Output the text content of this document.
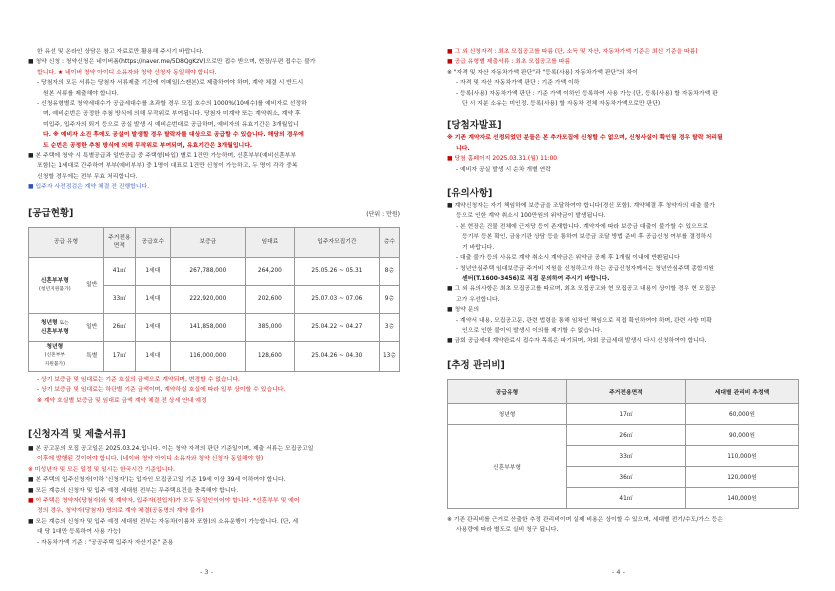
한 유선 및 온라인 상담은 참고 자료로만 활용해 주시기 바랍니다.

■ 청약 신청 : 청약신청은 네이버폼(https://naver.me/5D8QgKzV)으로만 접수 받으며, 현장/우편 접수는 불가

합니다. ★ 네이버 청약 아이디 소유자와 청약 신청자 동일해야 합니다.

- 당첨자의 모든 서류는 당첨자 서류제출 기간에 이메일(스캔본)로 제출하여야 하며, 계약 체결 시 반드시

원본 서류를 제출해야 합니다.

- 신청유형별로 청약세대수가 공급세대수를 초과할 경우 모집 호수의 1000%(10배수)를 예비자로 선정하

며, 예비순번은 공정한 추첨 방식에 의해 무작위로 부여됩니다. 당첨자 미계약 또는 계약취소, 계약 후

미입주, 입주자의 퇴거 등으로 공실 발생 시 예비순번대로 공급하며, 예비자의 유효기간은 3개월입니

다. ※ 예비자 소진 후에도 공실이 발생할 경우 탈락자를 대상으로 공급할 수 있습니다. 해당의 경우에

도 순번은 공정한 추첨 방식에 의해 무작위로 부여되며, 유효기간은 3개월입니다.

■ 본 주택에 청약 시 특별공급과 일반공급 중 주택형(타입) 별로 1건만 가능하며, 신혼부부(예비신혼부부

포함)는 1세대로 간주하여 부부(예비부부) 중 1명이 대표로 1건만 신청이 가능하고, 두 명이 각각 중복

신청할 경우에는 전부 무효 처리합니다.

■ 입주자 사전점검은 계약 체결 전 진행합니다.

[공급현황]	(단위 : 만원)
공급 유형		주거전용 면적	공급호수	보증금	임대료	입주자모집기간	층수
신혼부부형
(청년지원불가)	일반	41㎡	1세대	267,788,000	264,200	25.05.26 ~ 05.31	8층
		33㎡	1세대	222,920,000	202,600	25.07.03 ~ 07.06	9층
청년형 또는
신혼부부형	일반	26㎡	1세대	141,858,000	385,000	25.04.22 ~ 04.27	3층
청년형
(신혼부부
지원불가)	특별	17㎡	1세대	116,000,000	128,600	25.04.26 ~ 04.30	13층

- 상기 보증금 및 임대료는 기준 호실의 금액으로 계약되며, 변경할 수 없습니다.

- 상기 보증금 및 임대료는 하단별 기준 금액이며, 계약하실 호실에 따라 일부 상이할 수 있습니다.

※ 계약 호실별 보증금 및 임대료 금액 계약 체결 전 상세 안내 예정

[신청자격 및 제출서류]

■ 본 공고문의 모집 공고일은 2025.03.24.입니다. 이는 청약 자격의 판단 기준일이며, 제출 서류는 모집공고일

이후에 발행된 것이어야 합니다. (네이버 청약 아이디 소유자와 청약 신청자 동일해야 함)

※ 미성년자 및 모든 일정 및 일시는 한국시간 기준입니다.

■ 본 주택의 입주신청자(이하 '신청자')는 입자인 모집공고일 기준 19세 이상 39세 이하여야 합니다.

■ 모든 계층의 신청자 및 입주 예정 세대원 전부는 무주택요건을 충족해야 합니다.

■ 이 주택은 청약자(당첨자)와 및 계약자, 입주자(전입자)가 모두 동일인이어야 합니다. *신혼부부 및 예어

정의 경우, 청약자(당첨자) 명의로 계약 체결(공동명의 계약 불가)

■ 모든 계층의 신청자 및 입주 예정 세대원 전부는 자동차(이름차 포함)의 소유운행이 가능합니다. (단, 세

대 당 1대만 등록하여 사용 가능)

- 자동차가액 기준 : "공공주택 입주자 자산기준" 준용

■ 그 외 신청자격 : 최초 모집공고를 따름 (단, 소득 및 자산, 자동차가액 기준은 최신 기준을 따름)

■ 공급 유형별 제출서류 : 최초 모집공고를 따름

※ "자격 및 자산 자동차가액 판단"과 "등록(사용) 자동차가액 판단"의 차이

- 자격 및 자산 자동차가액 판단 : 기준 가액 이하

- 등록(사용) 자동차가액 판단 : 기준 가액 이하인 등록하여 사용 가능 (단, 등록(사용) 할 자동차가액 판

단 시 지분 소유는 미인정. 등록(사용) 할 자동차 전체 자동차가액으로만 판단)

[당첨자발표]

※ 기존 계약자로 선정되었던 분들은 본 추가모집에 신청할 수 없으며, 신청사실이 확인될 경우 탈락 처리될

니다.

■ 당첨 홈페이지 2025.03.31.(월) 11:00

- 예비자 공실 발생 시 순차 개별 연락

[유의사항]

■ 계약신청자는 자기 책임하에 보증금을 조달하여야 합니다(경신 포함). 계약체결 후 청약자의 대출 불가

등으로 인한 계약 취소시 100만원의 위약금이 발생됩니다.

- 본 현장은 건물 전체에 근저당 등이 존재합니다. 계약자에 따라 보증금 대출이 불가할 수 있으므로

등기부 등본 확인, 금융기관 상담 등을 통하여 보증금 조달 방법 준비 후 공급신청 여부를 결정하시

기 바랍니다.

- 대출 불가 등의 사유로 계약 취소시 계약금은 위약금 공제 후 1개월 이내에 반환됩니다

- 청년안심주택 임대보증금 주거비 지원을 신청하고자 하는 공급신청자께서는 청년안심주택 종합지원

센터(T.1600-3456)로 직접 문의하여 주시기 바랍니다.

■ 그 외 유의사항은 최초 모집공고를 따르며, 최초 모집공고와 현 모집공고 내용이 상이할 경우 현 모집공

고가 우선합니다.

■ 청약 문의

- 계약서 내용, 모집공고문, 관련 법령을 통해 임차인 책임으로 직접 확인하여야 하며, 관련 사항 미확

인으로 인한 불이익 발생시 이의를 제기할 수 없습니다.

■ 금회 공급세대 계약완료시 접수자 목록은 파기되며, 차회 공급세대 발생시 다시 신청하여야 합니다.

[추정 관리비]

공급유형	주거전용면적	세대별 관리비 추정액
청년형	17㎡	60,000원
신혼부부형	26㎡	90,000원
	33㎡	110,000원
	36㎡	120,000원
	41㎡	140,000원

※ 기존 관리비를 근거로 산출한 추정 관리비이며 실제 비용은 상이할 수 있으며, 세대별 전기/수도/가스 등은

사용량에 따라 별도로 실비 청구 됩니다.

- 3 -	- 4 -
